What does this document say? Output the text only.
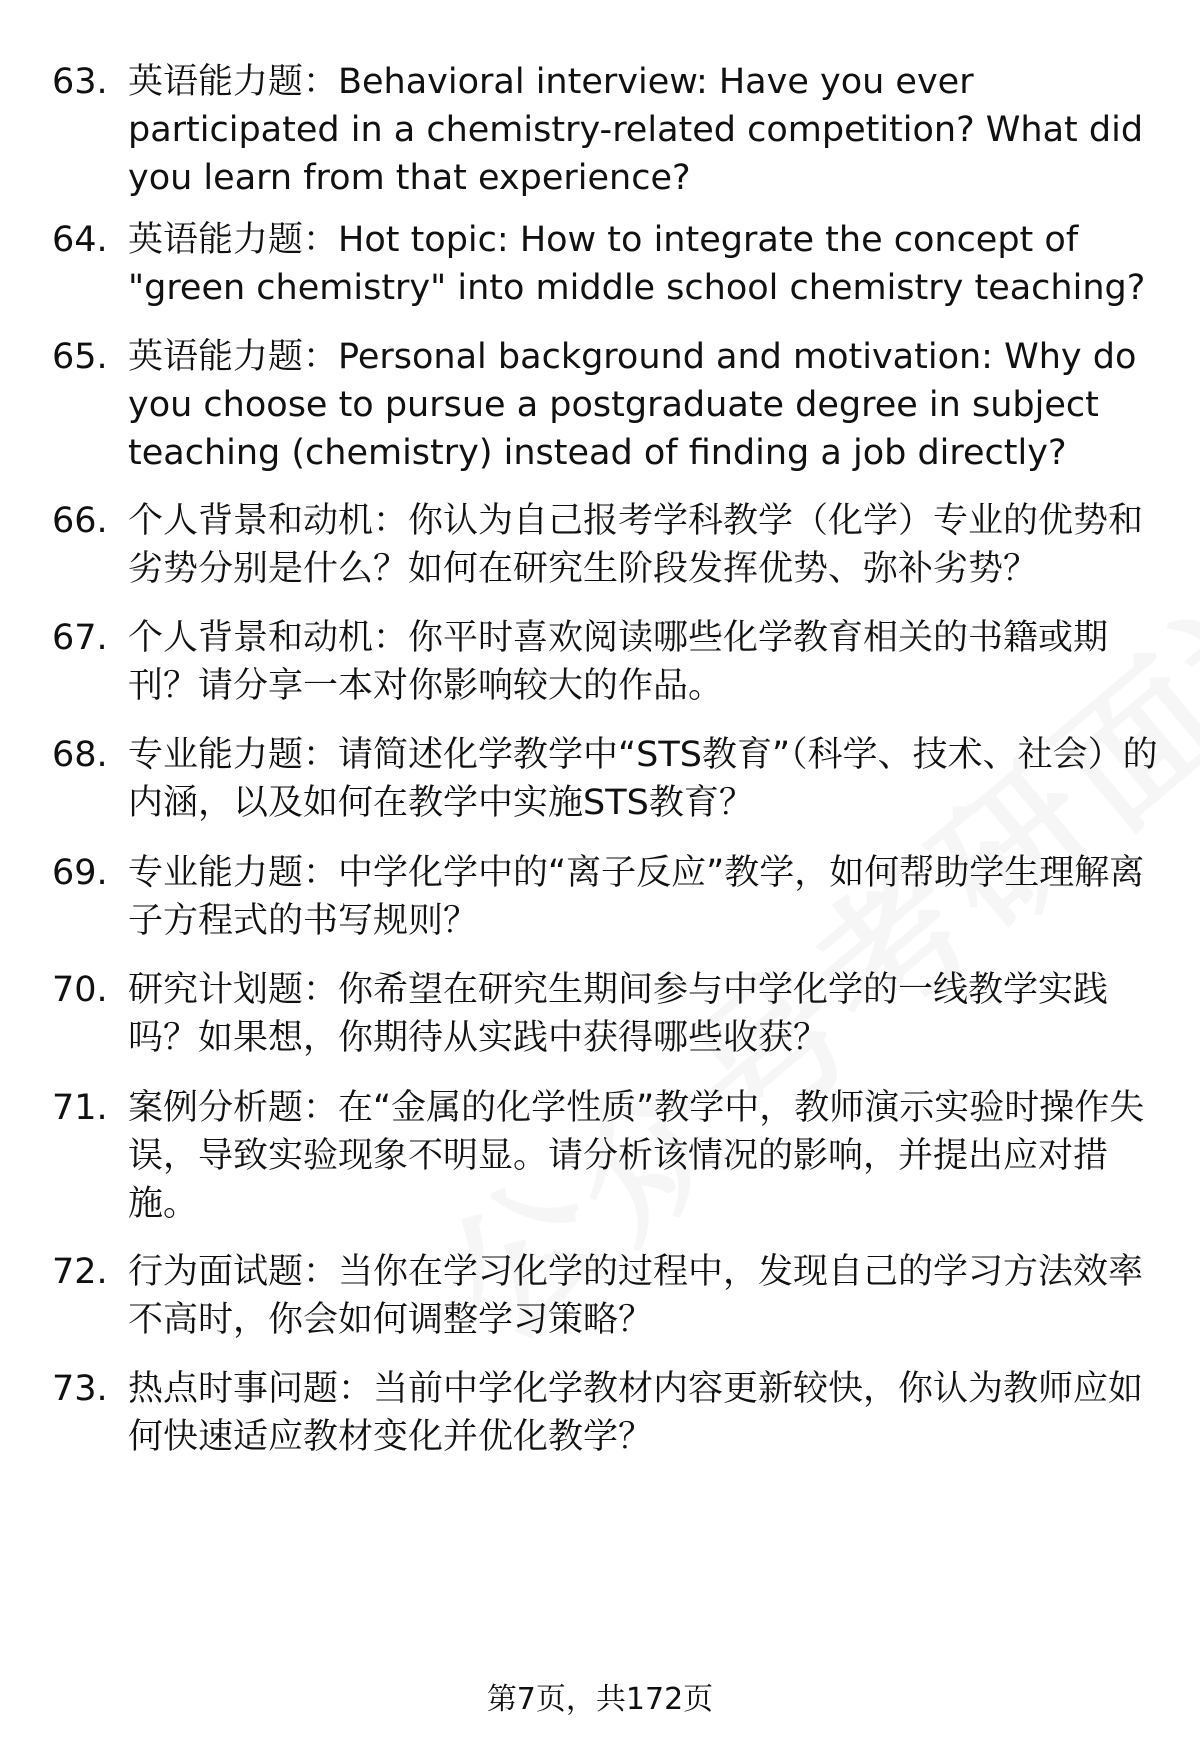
63. 英语能力题：Behavioral interview: Have you ever participated in a chemistry-related competition? What did you learn from that experience?
64. 英语能力题：Hot topic: How to integrate the concept of "green chemistry" into middle school chemistry teaching?
65. 英语能力题：Personal background and motivation: Why do you choose to pursue a postgraduate degree in subject teaching (chemistry) instead of finding a job directly?
66. 个人背景和动机：你认为自己报考学科教学（化学）专业的优势和劣势分别是什么？如何在研究生阶段发挥优势、弥补劣势？
67. 个人背景和动机：你平时喜欢阅读哪些化学教育相关的书籍或期刊？请分享一本对你影响较大的作品。
68. 专业能力题：请简述化学教学中“STS教育”（科学、技术、社会）的内涵，以及如何在教学中实施STS教育？
69. 专业能力题：中学化学中的“离子反应”教学，如何帮助学生理解离子方程式的书写规则？
70. 研究计划题：你希望在研究生期间参与中学化学的一线教学实践吗？如果想，你期待从实践中获得哪些收获？
71. 案例分析题：在“金属的化学性质”教学中，教师演示实验时操作失误，导致实验现象不明显。请分析该情况的影响，并提出应对措施。
72. 行为面试题：当你在学习化学的过程中，发现自己的学习方法效率不高时，你会如何调整学习策略？
73. 热点时事问题：当前中学化学教材内容更新较快，你认为教师应如何快速适应教材变化并优化教学？
第7页，共172页
